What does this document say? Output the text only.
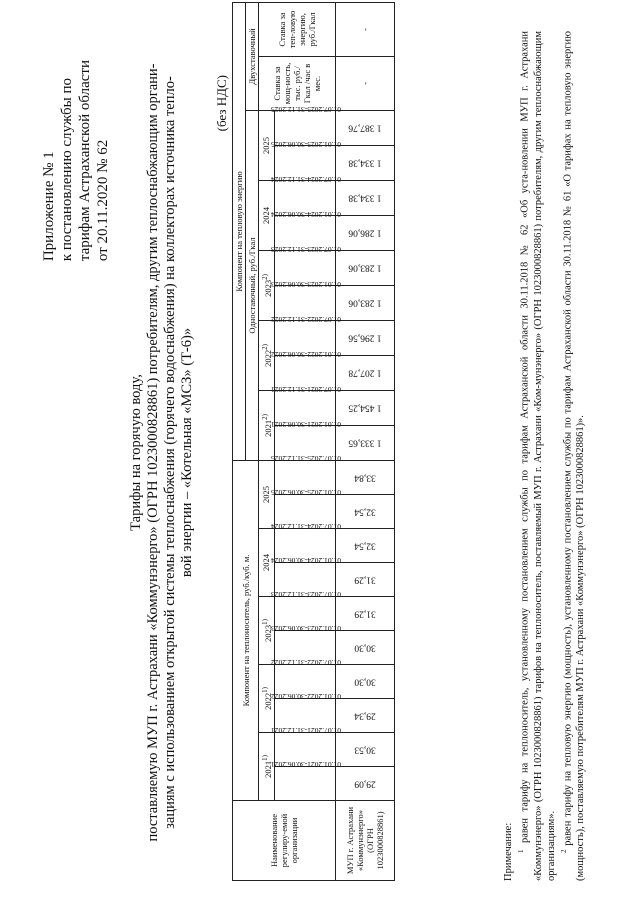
Приложение № 1 к постановлению службы по тарифам Астраханской области от 20.11.2020 № 62
Тарифы на горячую воду, поставляемую МУП г. Астрахани «Коммунэнерго» (ОГРН 1023000828861) потребителям, другим теплоснабжающим органи- зациям с использованием открытой системы теплоснабжения (горячего водоснабжения) на коллекторах источника тепло- вой энергии – «Котельная «МСЗ» (Т-6)»
(без НДС)
Наименование регулиру-емой организации	Компонент на теплоноситель, руб./куб. м.										Компонент на тепловую энергию											
											Одноставочный, руб./Гкал										Двухставочный	
	2021$^{1)}$		2022$^{1)}$		2023$^{1)}$		2024		2025		2021$^{2)}$		2022$^{2)}$		2023$^{2)}$		2024		2025		Ставка за мощ-ность, тыс. руб./Гкал /час в мес.	Ставка за теп-ловую энергию, руб./Гкал
	01.01.2021-30.06.2021	01.07.2021-31.12.2021	01.01.2022-30.06.2022	01.07.2022-31.12.2022	01.01.2023-30.06.2023	01.07.2023-31.12.2023	01.01.2024-30.06.2024	01.07.2024-31.12.2024	01.01.2025-30.06.2025	01.07.2025-31.12.2025	01.01.2021-30.06.2021	01.07.2021-31.12.2021	01.01.2022-30.06.2022	01.07.2022-31.12.2022	01.01.2023-30.06.2023	01.07.2023-31.12.2023	01.01.2024-30.06.2024	01.07.2024-31.12.2024	01.01.2025-30.06.2025	01.07.2025-31.12.2025		
МУП г. Астрахани «Коммунэнерго» (ОГРН 1023000828861)	29,09	30,53	29,34	30,30	30,30	31,29	31,29	32,54	32,54	33,84	1 333,65	1 454,25	1 207,78	1 296,56	1 283,06	1 283,06	1 286,06	1 334,38	1 334,38	1 387,76	-	-

Примечание: $^1$ равен тарифу на теплоноситель, установленному постановлением службы по тарифам Астраханской области 30.11.2018 № 62 «Об уста-новлении МУП г. Астрахани «Коммунэнерго» (ОГРН 1023000828861) тарифов на теплоноситель, поставляемый МУП г. Астрахани «Ком-мунэнерго» (ОГРН 1023000828861) потребителям, другим теплоснабжающим организациям». $^2$ равен тарифу на тепловую энергию (мощность), установленному постановлением службы по тарифам Астраханской области 30.11.2018 № 61 «О тарифах на тепловую энергию (мощность), поставляемую потребителям МУП г. Астрахани «Коммунэнерго» (ОГРН 1023000828861)».
